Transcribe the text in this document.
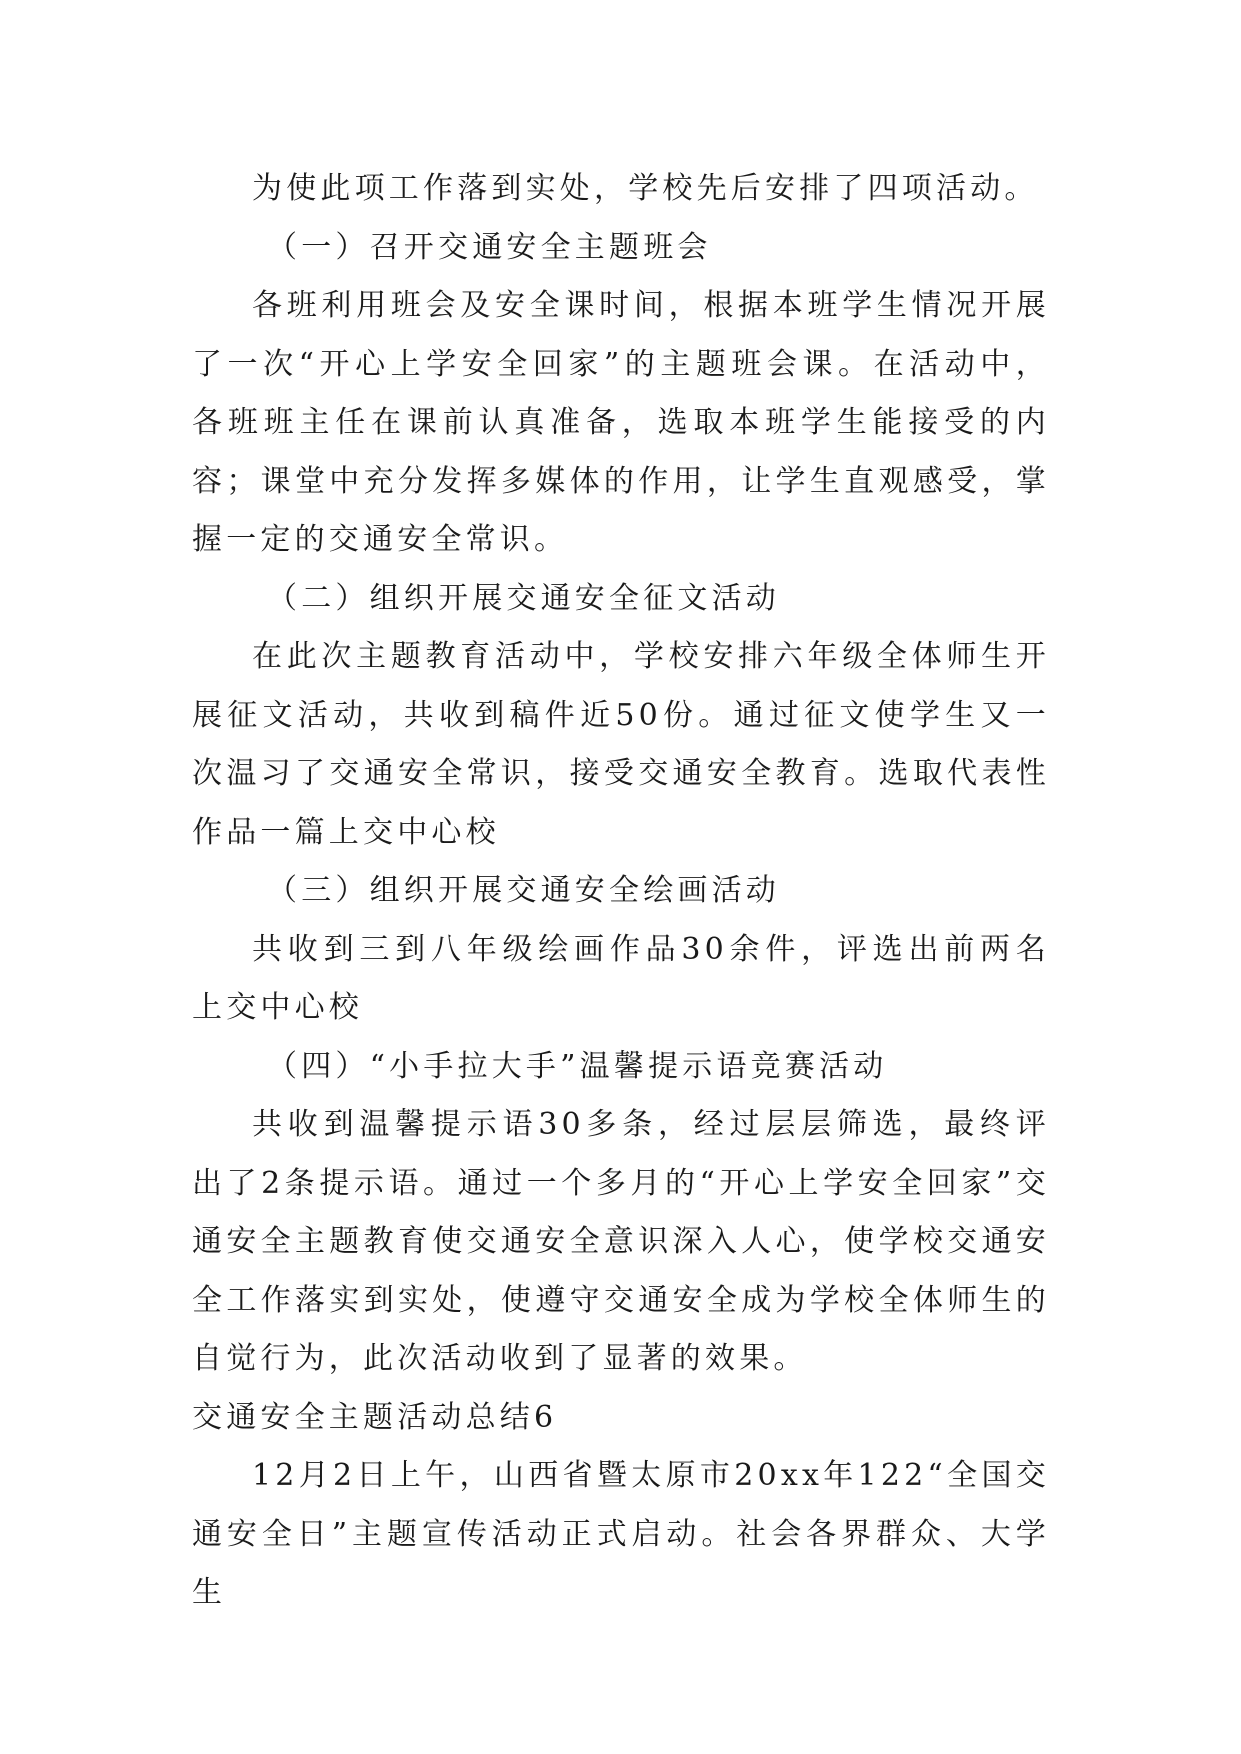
为使此项工作落到实处，学校先后安排了四项活动。

（一）召开交通安全主题班会

各班利用班会及安全课时间，根据本班学生情况开展了一次“开心上学安全回家”的主题班会课。在活动中，各班班主任在课前认真准备，选取本班学生能接受的内容；课堂中充分发挥多媒体的作用，让学生直观感受，掌握一定的交通安全常识。

（二）组织开展交通安全征文活动

在此次主题教育活动中，学校安排六年级全体师生开展征文活动，共收到稿件近50份。通过征文使学生又一次温习了交通安全常识，接受交通安全教育。选取代表性作品一篇上交中心校

（三）组织开展交通安全绘画活动

共收到三到八年级绘画作品30余件，评选出前两名上交中心校

（四）“小手拉大手”温馨提示语竞赛活动

共收到温馨提示语30多条，经过层层筛选，最终评出了2条提示语。通过一个多月的“开心上学安全回家”交通安全主题教育使交通安全意识深入人心，使学校交通安全工作落实到实处，使遵守交通安全成为学校全体师生的自觉行为，此次活动收到了显著的效果。

交通安全主题活动总结6

12月2日上午，山西省暨太原市20xx年122“全国交通安全日”主题宣传活动正式启动。社会各界群众、大学生
